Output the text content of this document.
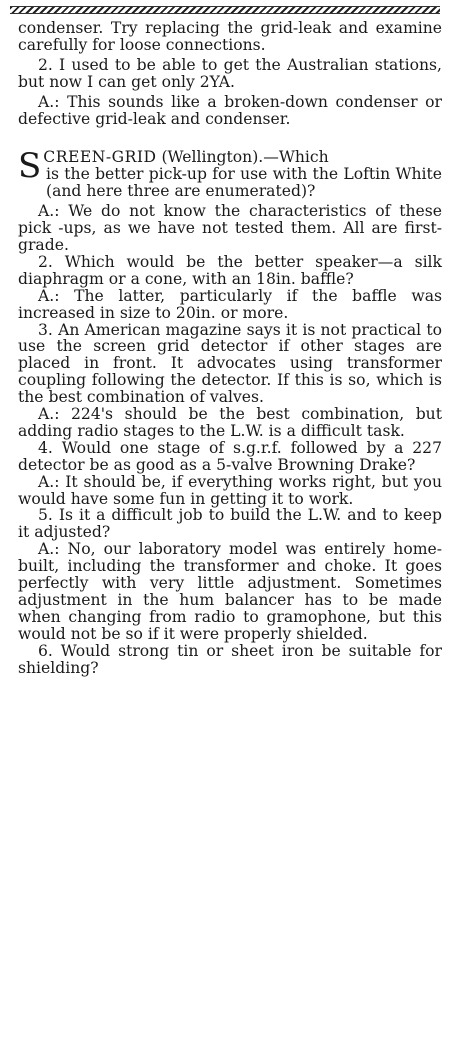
condenser. Try replacing the grid-leak and examine carefully for loose connections.

2. I used to be able to get the Australian stations, but now I can get only 2YA.

A.: This sounds like a broken-down condenser or defective grid-leak and condenser.

S CREEN-GRID (Wellington).—Which
is the better pick-up for use with the Loftin White (and here three are enumerated)?

A.: We do not know the characteristics of these pick -ups, as we have not tested them. All are first-grade.

2. Which would be the better speaker—a silk diaphragm or a cone, with an 18in. baffle?

A.: The latter, particularly if the baffle was increased in size to 20in. or more.

3. An American magazine says it is not practical to use the screen grid detector if other stages are placed in front. It advocates using transformer coupling following the detector. If this is so, which is the best combination of valves.

A.: 224's should be the best combination, but adding radio stages to the L.W. is a difficult task.

4. Would one stage of s.g.r.f. followed by a 227 detector be as good as a 5-valve Browning Drake?

A.: It should be, if everything works right, but you would have some fun in getting it to work.

5. Is it a difficult job to build the L.W. and to keep it adjusted?

A.: No, our laboratory model was entirely home-built, including the transformer and choke. It goes perfectly with very little adjustment. Sometimes adjustment in the hum balancer has to be made when changing from radio to gramophone, but this would not be so if it were properly shielded.

6. Would strong tin or sheet iron be suitable for shielding?
